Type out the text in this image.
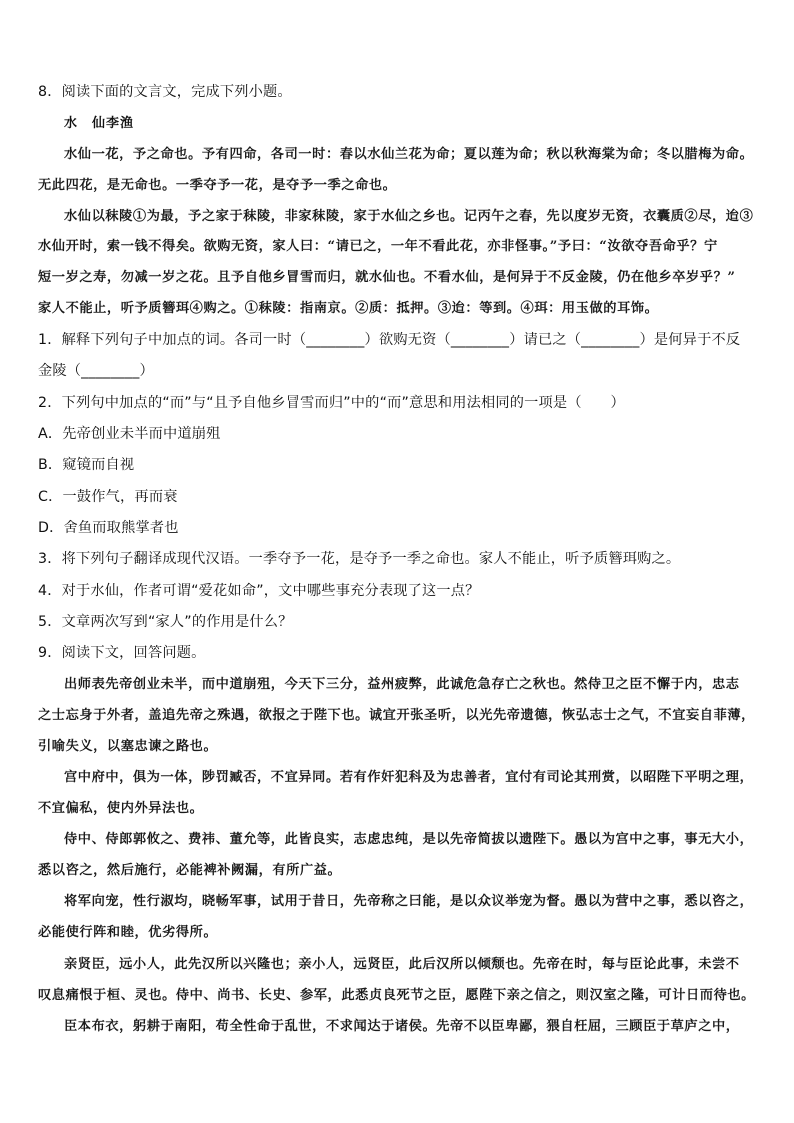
8．阅读下面的文言文，完成下列小题。
水　仙李渔
水仙一花，予之命也。予有四命，各司一时：春以水仙兰花为命；夏以莲为命；秋以秋海棠为命；冬以腊梅为命。
无此四花，是无命也。一季夺予一花，是夺予一季之命也。
水仙以秣陵①为最，予之家于秣陵，非家秣陵，家于水仙之乡也。记丙午之春，先以度岁无资，衣囊质②尽，迨③
水仙开时，索一钱不得矣。欲购无资，家人曰：“请已之，一年不看此花，亦非怪事。”予曰：“汝欲夺吾命乎？宁
短一岁之寿，勿减一岁之花。且予自他乡冒雪而归，就水仙也。不看水仙，是何异于不反金陵，仍在他乡卒岁乎？”
家人不能止，听予质簪珥④购之。①秣陵：指南京。②质：抵押。③迨：等到。④珥：用玉做的耳饰。
1．解释下列句子中加点的词。各司一时（________）欲购无资（________）请已之（________）是何异于不反
金陵（________）
2．下列句中加点的“而”与“且予自他乡冒雪而归”中的“而”意思和用法相同的一项是（　　）
A．先帝创业未半而中道崩殂
B．窥镜而自视
C．一鼓作气，再而衰
D．舍鱼而取熊掌者也
3．将下列句子翻译成现代汉语。一季夺予一花，是夺予一季之命也。家人不能止，听予质簪珥购之。
4．对于水仙，作者可谓“爱花如命”，文中哪些事充分表现了这一点？
5．文章两次写到“家人”的作用是什么？
9．阅读下文，回答问题。
出师表先帝创业未半，而中道崩殂，今天下三分，益州疲弊，此诚危急存亡之秋也。然侍卫之臣不懈于内，忠志
之士忘身于外者，盖追先帝之殊遇，欲报之于陛下也。诚宜开张圣听，以光先帝遗德，恢弘志士之气，不宜妄自菲薄，
引喻失义，以塞忠谏之路也。
宫中府中，俱为一体，陟罚臧否，不宜异同。若有作奸犯科及为忠善者，宜付有司论其刑赏，以昭陛下平明之理，
不宜偏私，使内外异法也。
侍中、侍郎郭攸之、费祎、董允等，此皆良实，志虑忠纯，是以先帝简拔以遗陛下。愚以为宫中之事，事无大小，
悉以咨之，然后施行，必能裨补阙漏，有所广益。
将军向宠，性行淑均，晓畅军事，试用于昔日，先帝称之曰能，是以众议举宠为督。愚以为营中之事，悉以咨之，
必能使行阵和睦，优劣得所。
亲贤臣，远小人，此先汉所以兴隆也；亲小人，远贤臣，此后汉所以倾颓也。先帝在时，每与臣论此事，未尝不
叹息痛恨于桓、灵也。侍中、尚书、长史、参军，此悉贞良死节之臣，愿陛下亲之信之，则汉室之隆，可计日而待也。
臣本布衣，躬耕于南阳，苟全性命于乱世，不求闻达于诸侯。先帝不以臣卑鄙，猥自枉屈，三顾臣于草庐之中，
